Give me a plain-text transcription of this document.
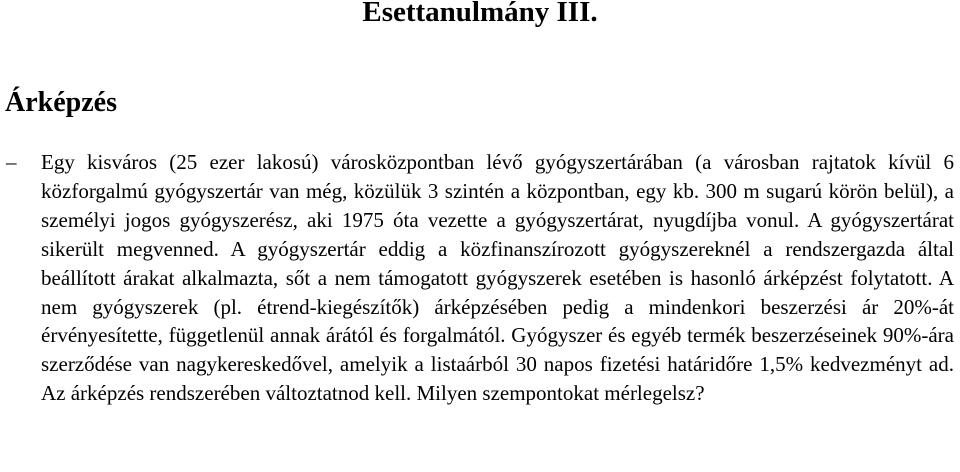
Esettanulmány III.
Árképzés
– Egy kisváros (25 ezer lakosú) városközpontban lévő gyógyszertárában (a városban rajtatok kívül 6 közforgalmú gyógyszertár van még, közülük 3 szintén a központban, egy kb. 300 m sugarú körön belül), a személyi jogos gyógyszerész, aki 1975 óta vezette a gyógyszertárat, nyugdíjba vonul. A gyógyszertárat sikerült megvenned. A gyógyszertár eddig a közfinanszírozott gyógyszereknél a rendszergazda által beállított árakat alkalmazta, sőt a nem támogatott gyógyszerek esetében is hasonló árképzést folytatott. A nem gyógyszerek (pl. étrend-kiegészítők) árképzésében pedig a mindenkori beszerzési ár 20%-át érvényesítette, függetlenül annak árától és forgalmától. Gyógyszer és egyéb termék beszerzéseinek 90%-ára szerződése van nagykereskedővel, amelyik a listaárból 30 napos fizetési határidőre 1,5% kedvezményt ad. Az árképzés rendszerében változtatnod kell. Milyen szempontokat mérlegelsz?
